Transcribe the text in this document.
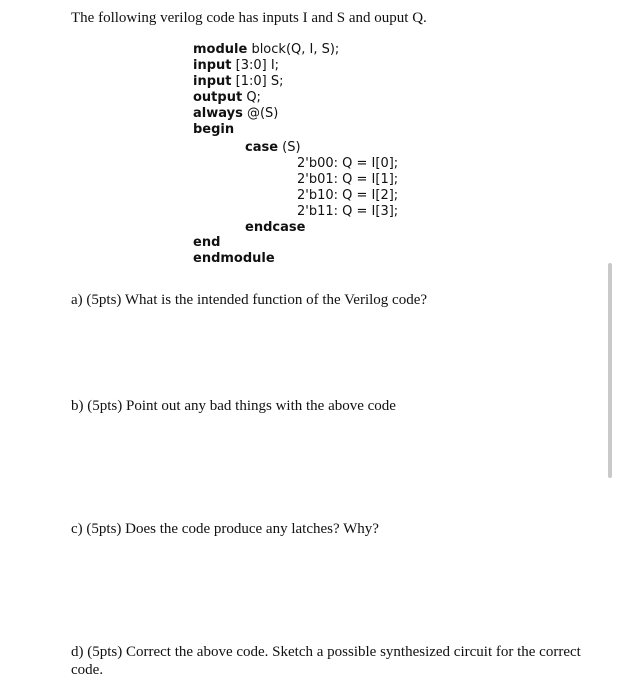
The following verilog code has inputs I and S and ouput Q.
module block(Q, I, S);
input [3:0] I;
input [1:0] S;
output Q;
always @(S)
begin
case (S)
2'b00: Q = I[0];
2'b01: Q = I[1];
2'b10: Q = I[2];
2'b11: Q = I[3];
endcase
end
endmodule
a) (5pts) What is the intended function of the Verilog code?
b) (5pts) Point out any bad things with the above code
c) (5pts) Does the code produce any latches? Why?
d) (5pts) Correct the above code. Sketch a possible synthesized circuit for the correct code.
